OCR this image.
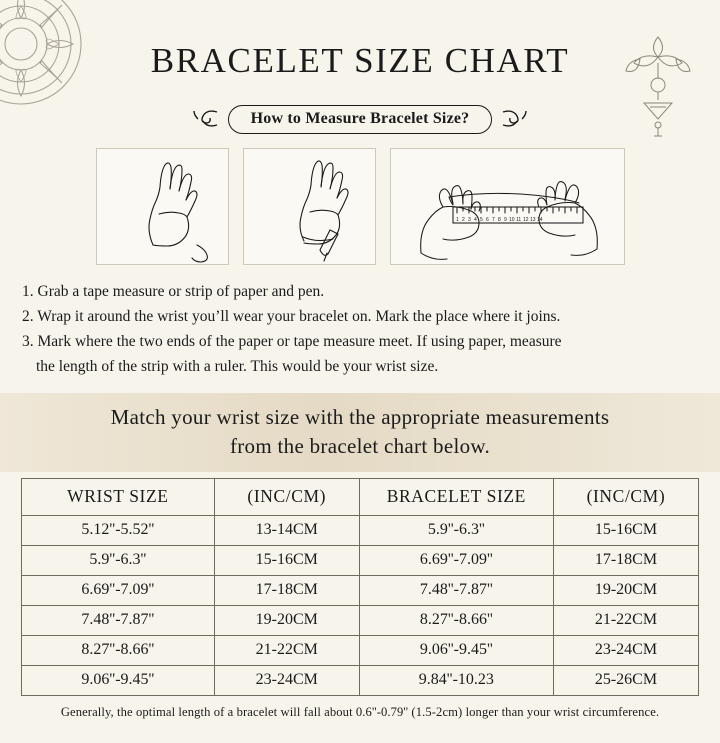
BRACELET SIZE CHART
How to Measure Bracelet Size?
1 2 3 4 5 6 7 8 9 10 11 12 13 14
1. Grab a tape measure or strip of paper and pen.
2. Wrap it around the wrist you’ll wear your bracelet on. Mark the place where it joins.
3. Mark where the two ends of the paper or tape measure meet. If using paper, measure
the length of the strip with a ruler. This would be your wrist size.
Match your wrist size with the appropriate measurements
from the bracelet chart below.
WRIST SIZE	(INC/CM)	BRACELET SIZE	(INC/CM)
5.12''-5.52''	13-14CM	5.9''-6.3''	15-16CM
5.9''-6.3''	15-16CM	6.69''-7.09''	17-18CM
6.69''-7.09''	17-18CM	7.48''-7.87''	19-20CM
7.48''-7.87''	19-20CM	8.27''-8.66''	21-22CM
8.27''-8.66''	21-22CM	9.06''-9.45''	23-24CM
9.06''-9.45''	23-24CM	9.84''-10.23	25-26CM
Generally, the optimal length of a bracelet will fall about 0.6''-0.79'' (1.5-2cm) longer than your wrist circumference.
